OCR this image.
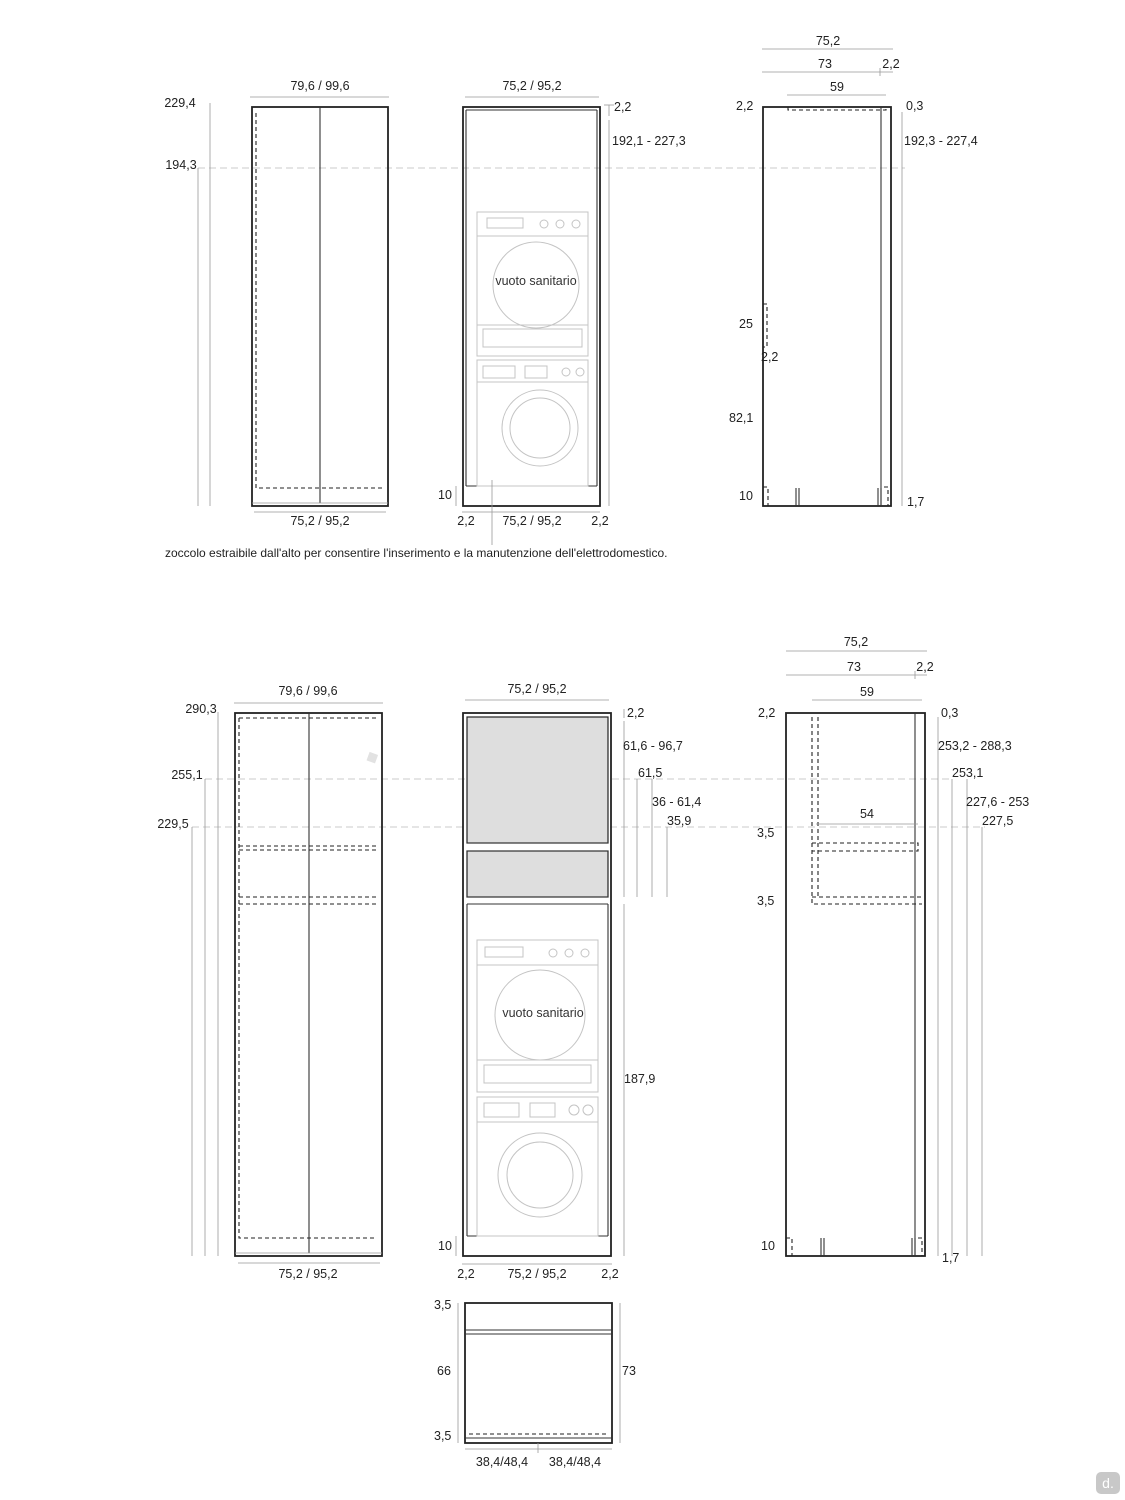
79,6 / 99,6
229,4
194,3
75,2 / 95,2
75,2 / 95,2
vuoto sanitario
2,2
192,1 - 227,3
10
2,2 75,2 / 95,2 2,2
zoccolo estraibile dall'alto per consentire l'inserimento e la manutenzione dell'elettrodomestico.
75,2
73	2,2
59
2,2	0,3
192,3 - 227,4
25
2,2
82,1
10	1,7
79,6 / 99,6
290,3
255,1
229,5
75,2 / 95,2
75,2 / 95,2
vuoto sanitario
2,2
61,6 - 96,7
61,5
36 - 61,4
35,9
187,9
10
2,2	75,2 / 95,2	2,2
75,2
73	2,2
59
54
2,2	0,3
253,2 - 288,3
253,1
227,6 - 253
227,5
3,5
3,5
10
1,7
3,5
66
3,5
73
38,4/48,4 38,4/48,4
d.
